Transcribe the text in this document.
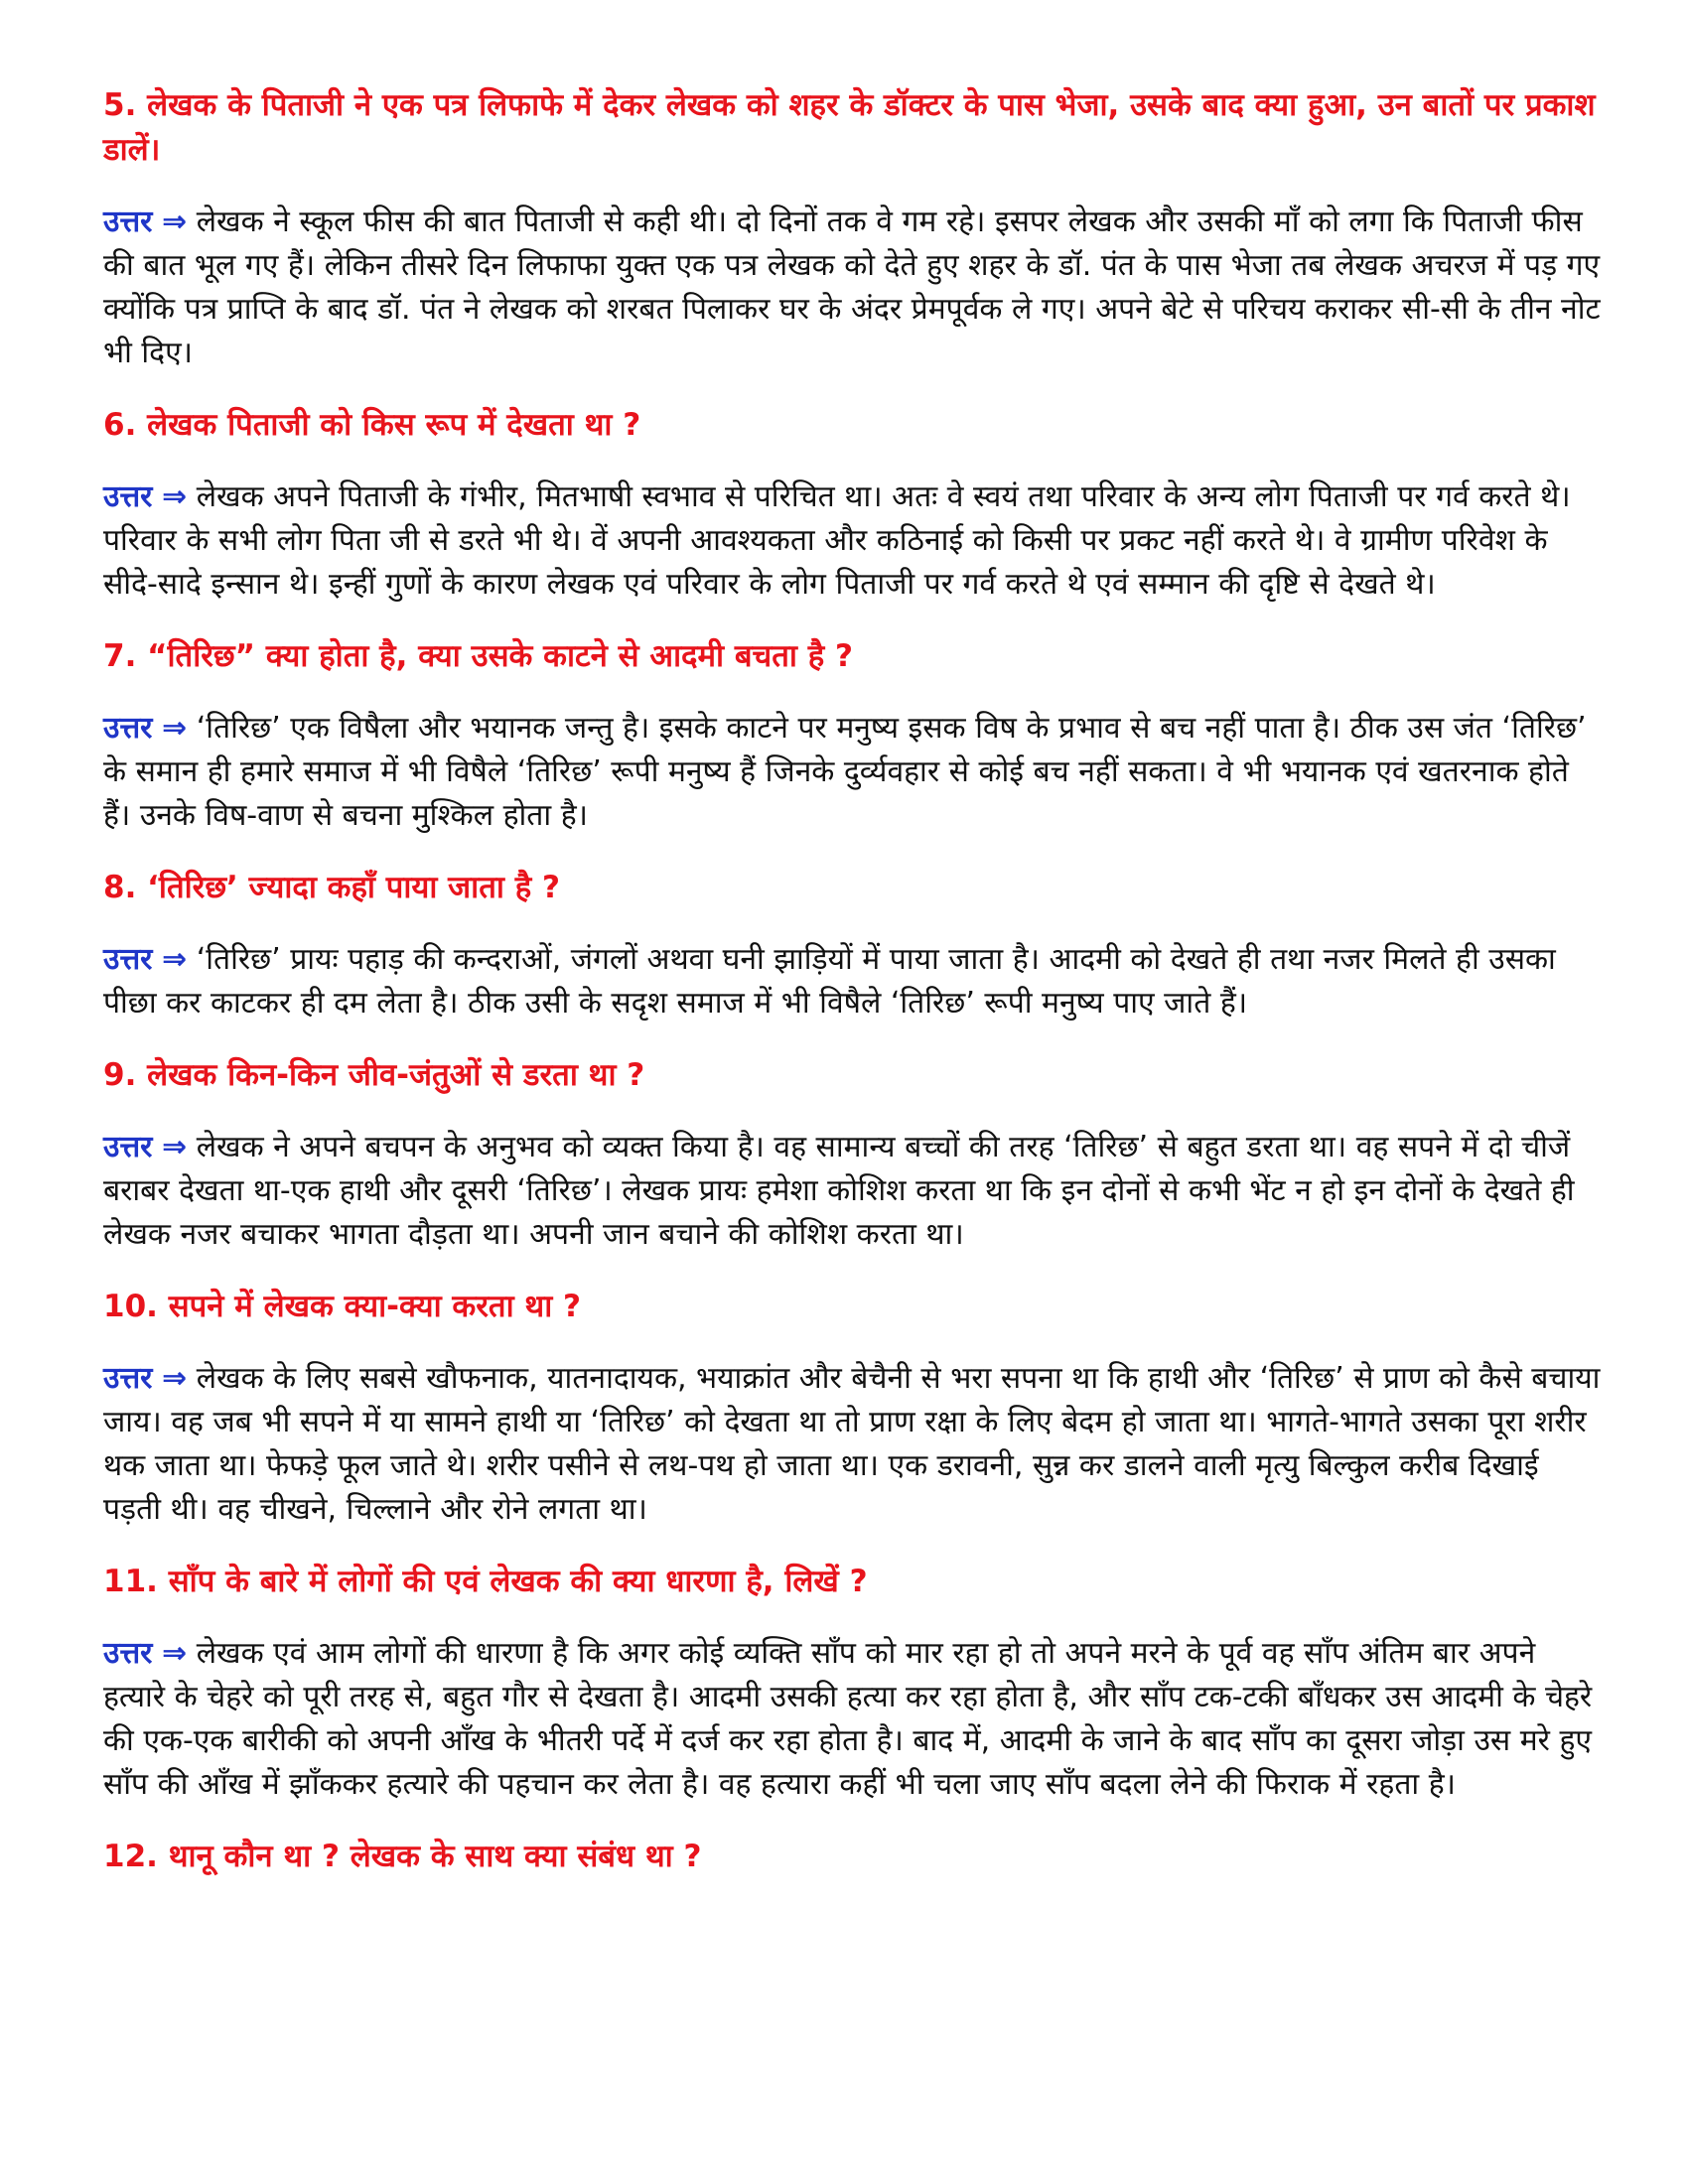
5. लेखक के पिताजी ने एक पत्र लिफाफे में देकर लेखक को शहर के डॉक्टर के पास भेजा, उसके बाद क्या हुआ, उन बातों पर प्रकाश डालें।

उत्तर ⇒ लेखक ने स्कूल फीस की बात पिताजी से कही थी। दो दिनों तक वे गम रहे। इसपर लेखक और उसकी माँ को लगा कि पिताजी फीस की बात भूल गए हैं। लेकिन तीसरे दिन लिफाफा युक्त एक पत्र लेखक को देते हुए शहर के डॉ. पंत के पास भेजा तब लेखक अचरज में पड़ गए क्योंकि पत्र प्राप्ति के बाद डॉ. पंत ने लेखक को शरबत पिलाकर घर के अंदर प्रेमपूर्वक ले गए। अपने बेटे से परिचय कराकर सी-सी के तीन नोट भी दिए।

6. लेखक पिताजी को किस रूप में देखता था ?

उत्तर ⇒ लेखक अपने पिताजी के गंभीर, मितभाषी स्वभाव से परिचित था। अतः वे स्वयं तथा परिवार के अन्य लोग पिताजी पर गर्व करते थे। परिवार के सभी लोग पिता जी से डरते भी थे। वें अपनी आवश्यकता और कठिनाई को किसी पर प्रकट नहीं करते थे। वे ग्रामीण परिवेश के सीदे-सादे इन्सान थे। इन्हीं गुणों के कारण लेखक एवं परिवार के लोग पिताजी पर गर्व करते थे एवं सम्मान की दृष्टि से देखते थे।

7. “तिरिछ” क्या होता है, क्या उसके काटने से आदमी बचता है ?

उत्तर ⇒ ‘तिरिछ’ एक विषैला और भयानक जन्तु है। इसके काटने पर मनुष्य इसक विष के प्रभाव से बच नहीं पाता है। ठीक उस जंत ‘तिरिछ’ के समान ही हमारे समाज में भी विषैले ‘तिरिछ’ रूपी मनुष्य हैं जिनके दुर्व्यवहार से कोई बच नहीं सकता। वे भी भयानक एवं खतरनाक होते हैं। उनके विष-वाण से बचना मुश्किल होता है।

8. ‘तिरिछ’ ज्यादा कहाँ पाया जाता है ?

उत्तर ⇒ ‘तिरिछ’ प्रायः पहाड़ की कन्दराओं, जंगलों अथवा घनी झाड़ियों में पाया जाता है। आदमी को देखते ही तथा नजर मिलते ही उसका पीछा कर काटकर ही दम लेता है। ठीक उसी के सदृश समाज में भी विषैले ‘तिरिछ’ रूपी मनुष्य पाए जाते हैं।

9. लेखक किन-किन जीव-जंतुओं से डरता था ?

उत्तर ⇒ लेखक ने अपने बचपन के अनुभव को व्यक्त किया है। वह सामान्य बच्चों की तरह ‘तिरिछ’ से बहुत डरता था। वह सपने में दो चीजें बराबर देखता था-एक हाथी और दूसरी ‘तिरिछ’। लेखक प्रायः हमेशा कोशिश करता था कि इन दोनों से कभी भेंट न हो इन दोनों के देखते ही लेखक नजर बचाकर भागता दौड़ता था। अपनी जान बचाने की कोशिश करता था।

10. सपने में लेखक क्या-क्या करता था ?

उत्तर ⇒ लेखक के लिए सबसे खौफनाक, यातनादायक, भयाक्रांत और बेचैनी से भरा सपना था कि हाथी और ‘तिरिछ’ से प्राण को कैसे बचाया जाय। वह जब भी सपने में या सामने हाथी या ‘तिरिछ’ को देखता था तो प्राण रक्षा के लिए बेदम हो जाता था। भागते-भागते उसका पूरा शरीर थक जाता था। फेफड़े फूल जाते थे। शरीर पसीने से लथ-पथ हो जाता था। एक डरावनी, सुन्न कर डालने वाली मृत्यु बिल्कुल करीब दिखाई पड़ती थी। वह चीखने, चिल्लाने और रोने लगता था।

11. साँप के बारे में लोगों की एवं लेखक की क्या धारणा है, लिखें ?

उत्तर ⇒ लेखक एवं आम लोगों की धारणा है कि अगर कोई व्यक्ति साँप को मार रहा हो तो अपने मरने के पूर्व वह साँप अंतिम बार अपने हत्यारे के चेहरे को पूरी तरह से, बहुत गौर से देखता है। आदमी उसकी हत्या कर रहा होता है, और साँप टक-टकी बाँधकर उस आदमी के चेहरे की एक-एक बारीकी को अपनी आँख के भीतरी पर्दे में दर्ज कर रहा होता है। बाद में, आदमी के जाने के बाद साँप का दूसरा जोड़ा उस मरे हुए साँप की आँख में झाँककर हत्यारे की पहचान कर लेता है। वह हत्यारा कहीं भी चला जाए साँप बदला लेने की फिराक में रहता है।

12. थानू कौन था ? लेखक के साथ क्या संबंध था ?
